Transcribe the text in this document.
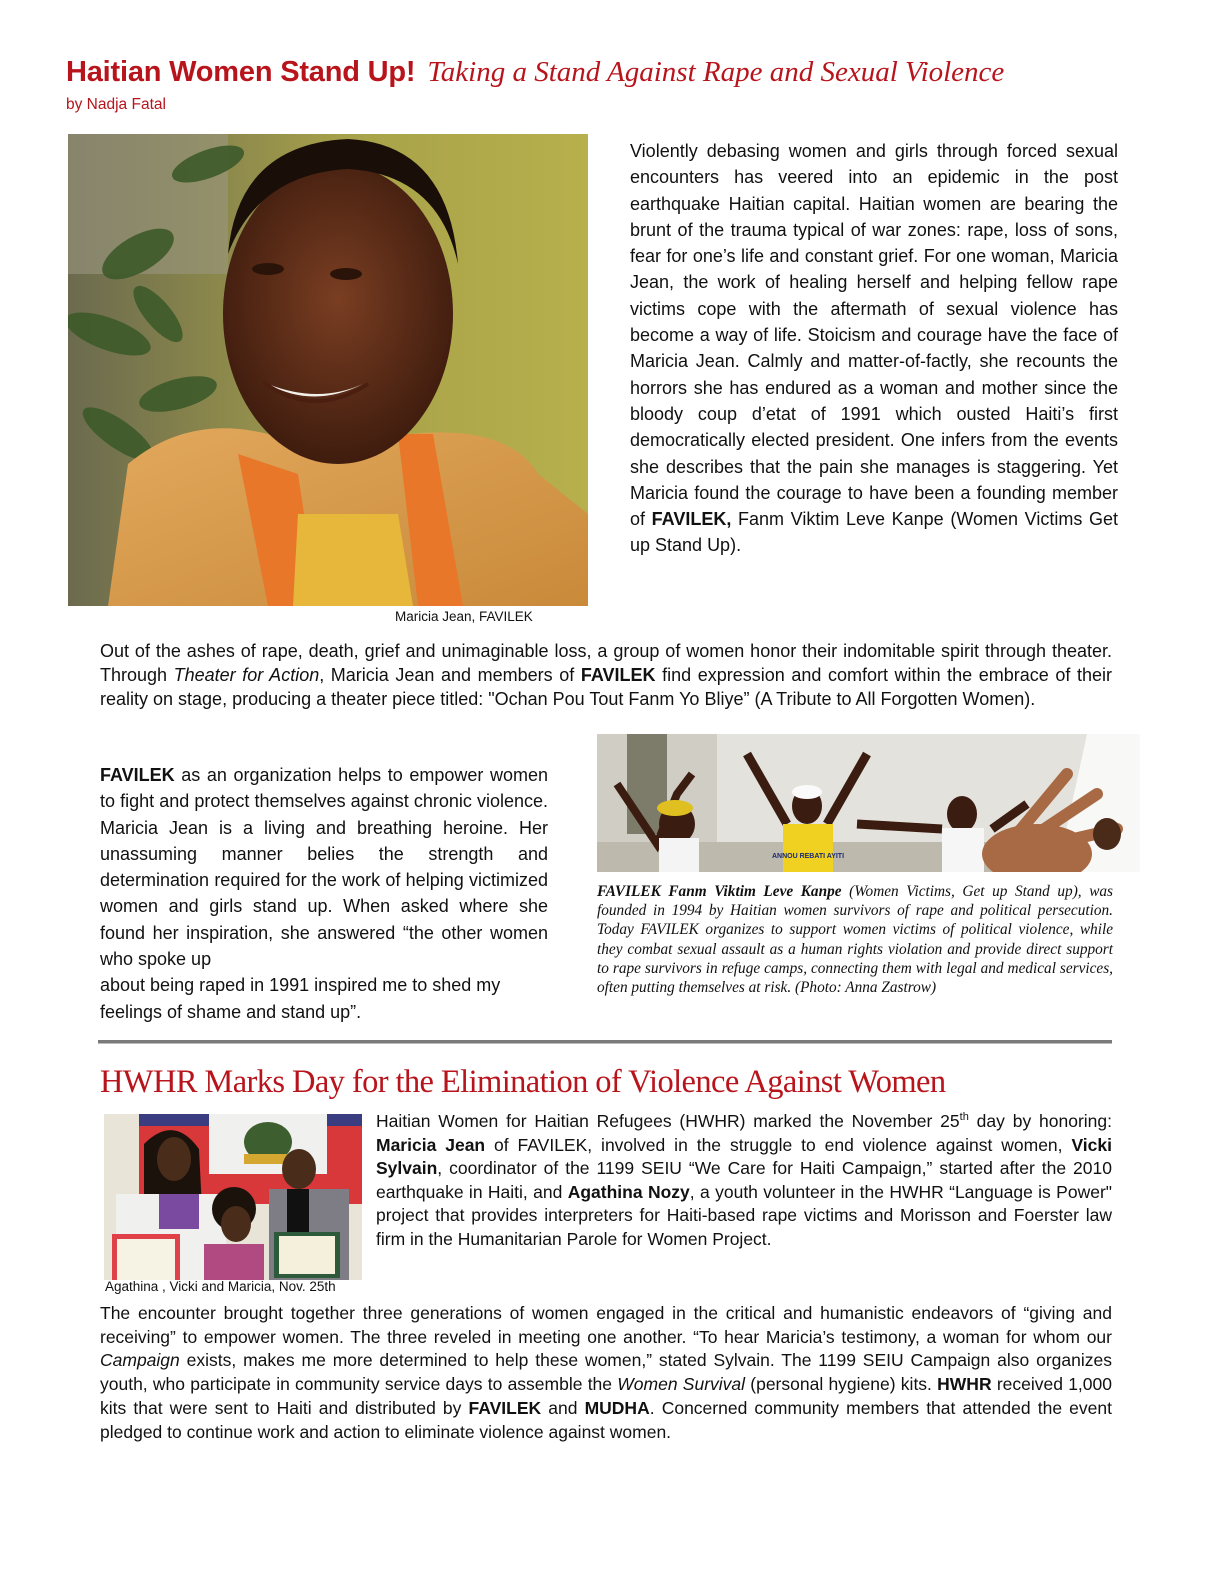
Haitian Women Stand Up! Taking a Stand Against Rape and Sexual Violence
by Nadja Fatal
Maricia Jean, FAVILEK
Violently debasing women and girls through forced sexual encounters has veered into an epidemic in the post earthquake Haitian capital. Haitian women are bearing the brunt of the trauma typical of war zones: rape, loss of sons, fear for one’s life and constant grief. For one woman, Maricia Jean, the work of healing herself and helping fellow rape victims cope with the aftermath of sexual violence has become a way of life. Stoicism and courage have the face of Maricia Jean. Calmly and matter-of-factly, she recounts the horrors she has endured as a woman and mother since the bloody coup d’etat of 1991 which ousted Haiti’s first democratically elected president. One infers from the events she describes that the pain she manages is staggering. Yet Maricia found the courage to have been a founding member of FAVILEK, Fanm Viktim Leve Kanpe (Women Victims Get up Stand Up).
Out of the ashes of rape, death, grief and unimaginable loss, a group of women honor their indomitable spirit through theater. Through Theater for Action, Maricia Jean and members of FAVILEK find expression and comfort within the embrace of their reality on stage, producing a theater piece titled: "Ochan Pou Tout Fanm Yo Bliye” (A Tribute to All Forgotten Women).
FAVILEK as an organization helps to empower women to fight and protect themselves against chronic violence. Maricia Jean is a living and breathing heroine. Her unassuming manner belies the strength and determination required for the work of helping victimized women and girls stand up. When asked where she found her inspiration, she answered “the other women who spoke up
about being raped in 1991 inspired me to shed my
feelings of shame and stand up”.
ANNOU REBATI AYITI
FAVILEK Fanm Viktim Leve Kanpe (Women Victims, Get up Stand up), was founded in 1994 by Haitian women survivors of rape and political persecution. Today FAVILEK organizes to support women victims of political violence, while they combat sexual assault as a human rights violation and provide direct support to rape survivors in refuge camps, connecting them with legal and medical services, often putting themselves at risk. (Photo: Anna Zastrow)
HWHR Marks Day for the Elimination of Violence Against Women
Agathina , Vicki and Maricia, Nov. 25th
Haitian Women for Haitian Refugees (HWHR) marked the November 25th day by honoring: Maricia Jean of FAVILEK, involved in the struggle to end violence against women, Vicki Sylvain, coordinator of the 1199 SEIU “We Care for Haiti Campaign,” started after the 2010 earthquake in Haiti, and Agathina Nozy, a youth volunteer in the HWHR “Language is Power" project that provides interpreters for Haiti-based rape victims and Morisson and Foerster law firm in the Humanitarian Parole for Women Project.
The encounter brought together three generations of women engaged in the critical and humanistic endeavors of “giving and receiving” to empower women. The three reveled in meeting one another. “To hear Maricia’s testimony, a woman for whom our Campaign exists, makes me more determined to help these women,” stated Sylvain. The 1199 SEIU Campaign also organizes youth, who participate in community service days to assemble the Women Survival (personal hygiene) kits. HWHR received 1,000 kits that were sent to Haiti and distributed by FAVILEK and MUDHA. Concerned community members that attended the event pledged to continue work and action to eliminate violence against women.
